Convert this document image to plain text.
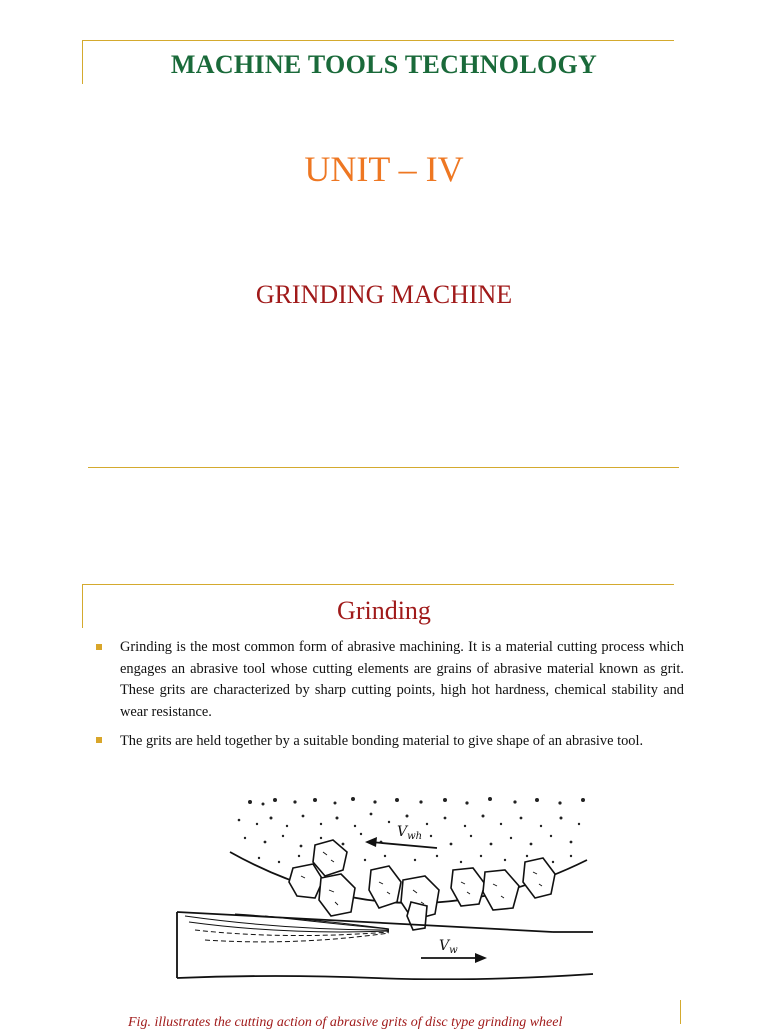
MACHINE TOOLS TECHNOLOGY
UNIT – IV
GRINDING MACHINE
Grinding
Grinding is the most common form of abrasive machining. It is a material cutting process which engages an abrasive tool whose cutting elements are grains of abrasive material known as grit. These grits are characterized by sharp cutting points, high hot hardness, chemical stability and wear resistance.
The grits are held together by a suitable bonding material to give shape of an abrasive tool.
$V_{wh}$
$V_w$
Fig. illustrates the cutting action of abrasive grits of disc type grinding wheel
